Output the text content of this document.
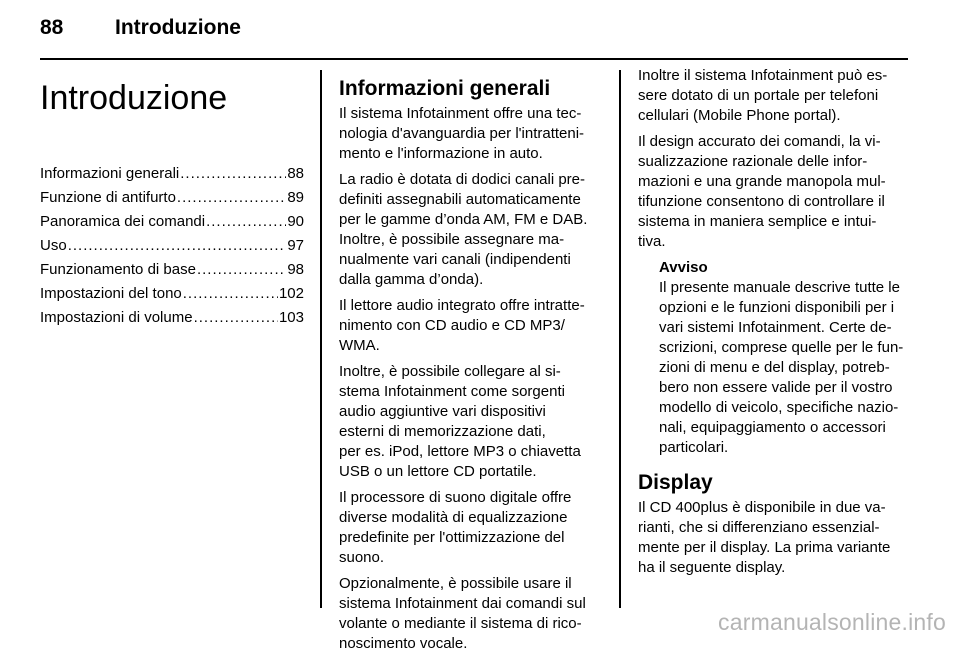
88 Introduzione
Introduzione
Informazioni generali .....	88
Funzione di antifurto .....	89
Panoramica dei comandi .....	90
Uso .....	97
Funzionamento di base .....	98
Impostazioni del tono .....	102
Impostazioni di volume .....	103
Informazioni generali

Il sistema Infotainment offre una tec-
nologia d'avanguardia per l'intratteni-
mento e l'informazione in auto.

La radio è dotata di dodici canali pre-
definiti assegnabili automaticamente
per le gamme d’onda AM, FM e DAB.
Inoltre, è possibile assegnare ma-
nualmente vari canali (indipendenti
dalla gamma d’onda).

Il lettore audio integrato offre intratte-
nimento con CD audio e CD MP3/
WMA.

Inoltre, è possibile collegare al si-
stema Infotainment come sorgenti
audio aggiuntive vari dispositivi
esterni di memorizzazione dati,
per es. iPod, lettore MP3 o chiavetta
USB o un lettore CD portatile.

Il processore di suono digitale offre
diverse modalità di equalizzazione
predefinite per l'ottimizzazione del
suono.

Opzionalmente, è possibile usare il
sistema Infotainment dai comandi sul
volante o mediante il sistema di rico-
noscimento vocale.

Inoltre il sistema Infotainment può es-
sere dotato di un portale per telefoni
cellulari (Mobile Phone portal).

Il design accurato dei comandi, la vi-
sualizzazione razionale delle infor-
mazioni e una grande manopola mul-
tifunzione consentono di controllare il
sistema in maniera semplice e intui-
tiva.

Avviso
Il presente manuale descrive tutte le
opzioni e le funzioni disponibili per i
vari sistemi Infotainment. Certe de-
scrizioni, comprese quelle per le fun-
zioni di menu e del display, potreb-
bero non essere valide per il vostro
modello di veicolo, specifiche nazio-
nali, equipaggiamento o accessori
particolari.
Display

Il CD 400plus è disponibile in due va-
rianti, che si differenziano essenzial-
mente per il display. La prima variante
ha il seguente display.

carmanualsonline.info
